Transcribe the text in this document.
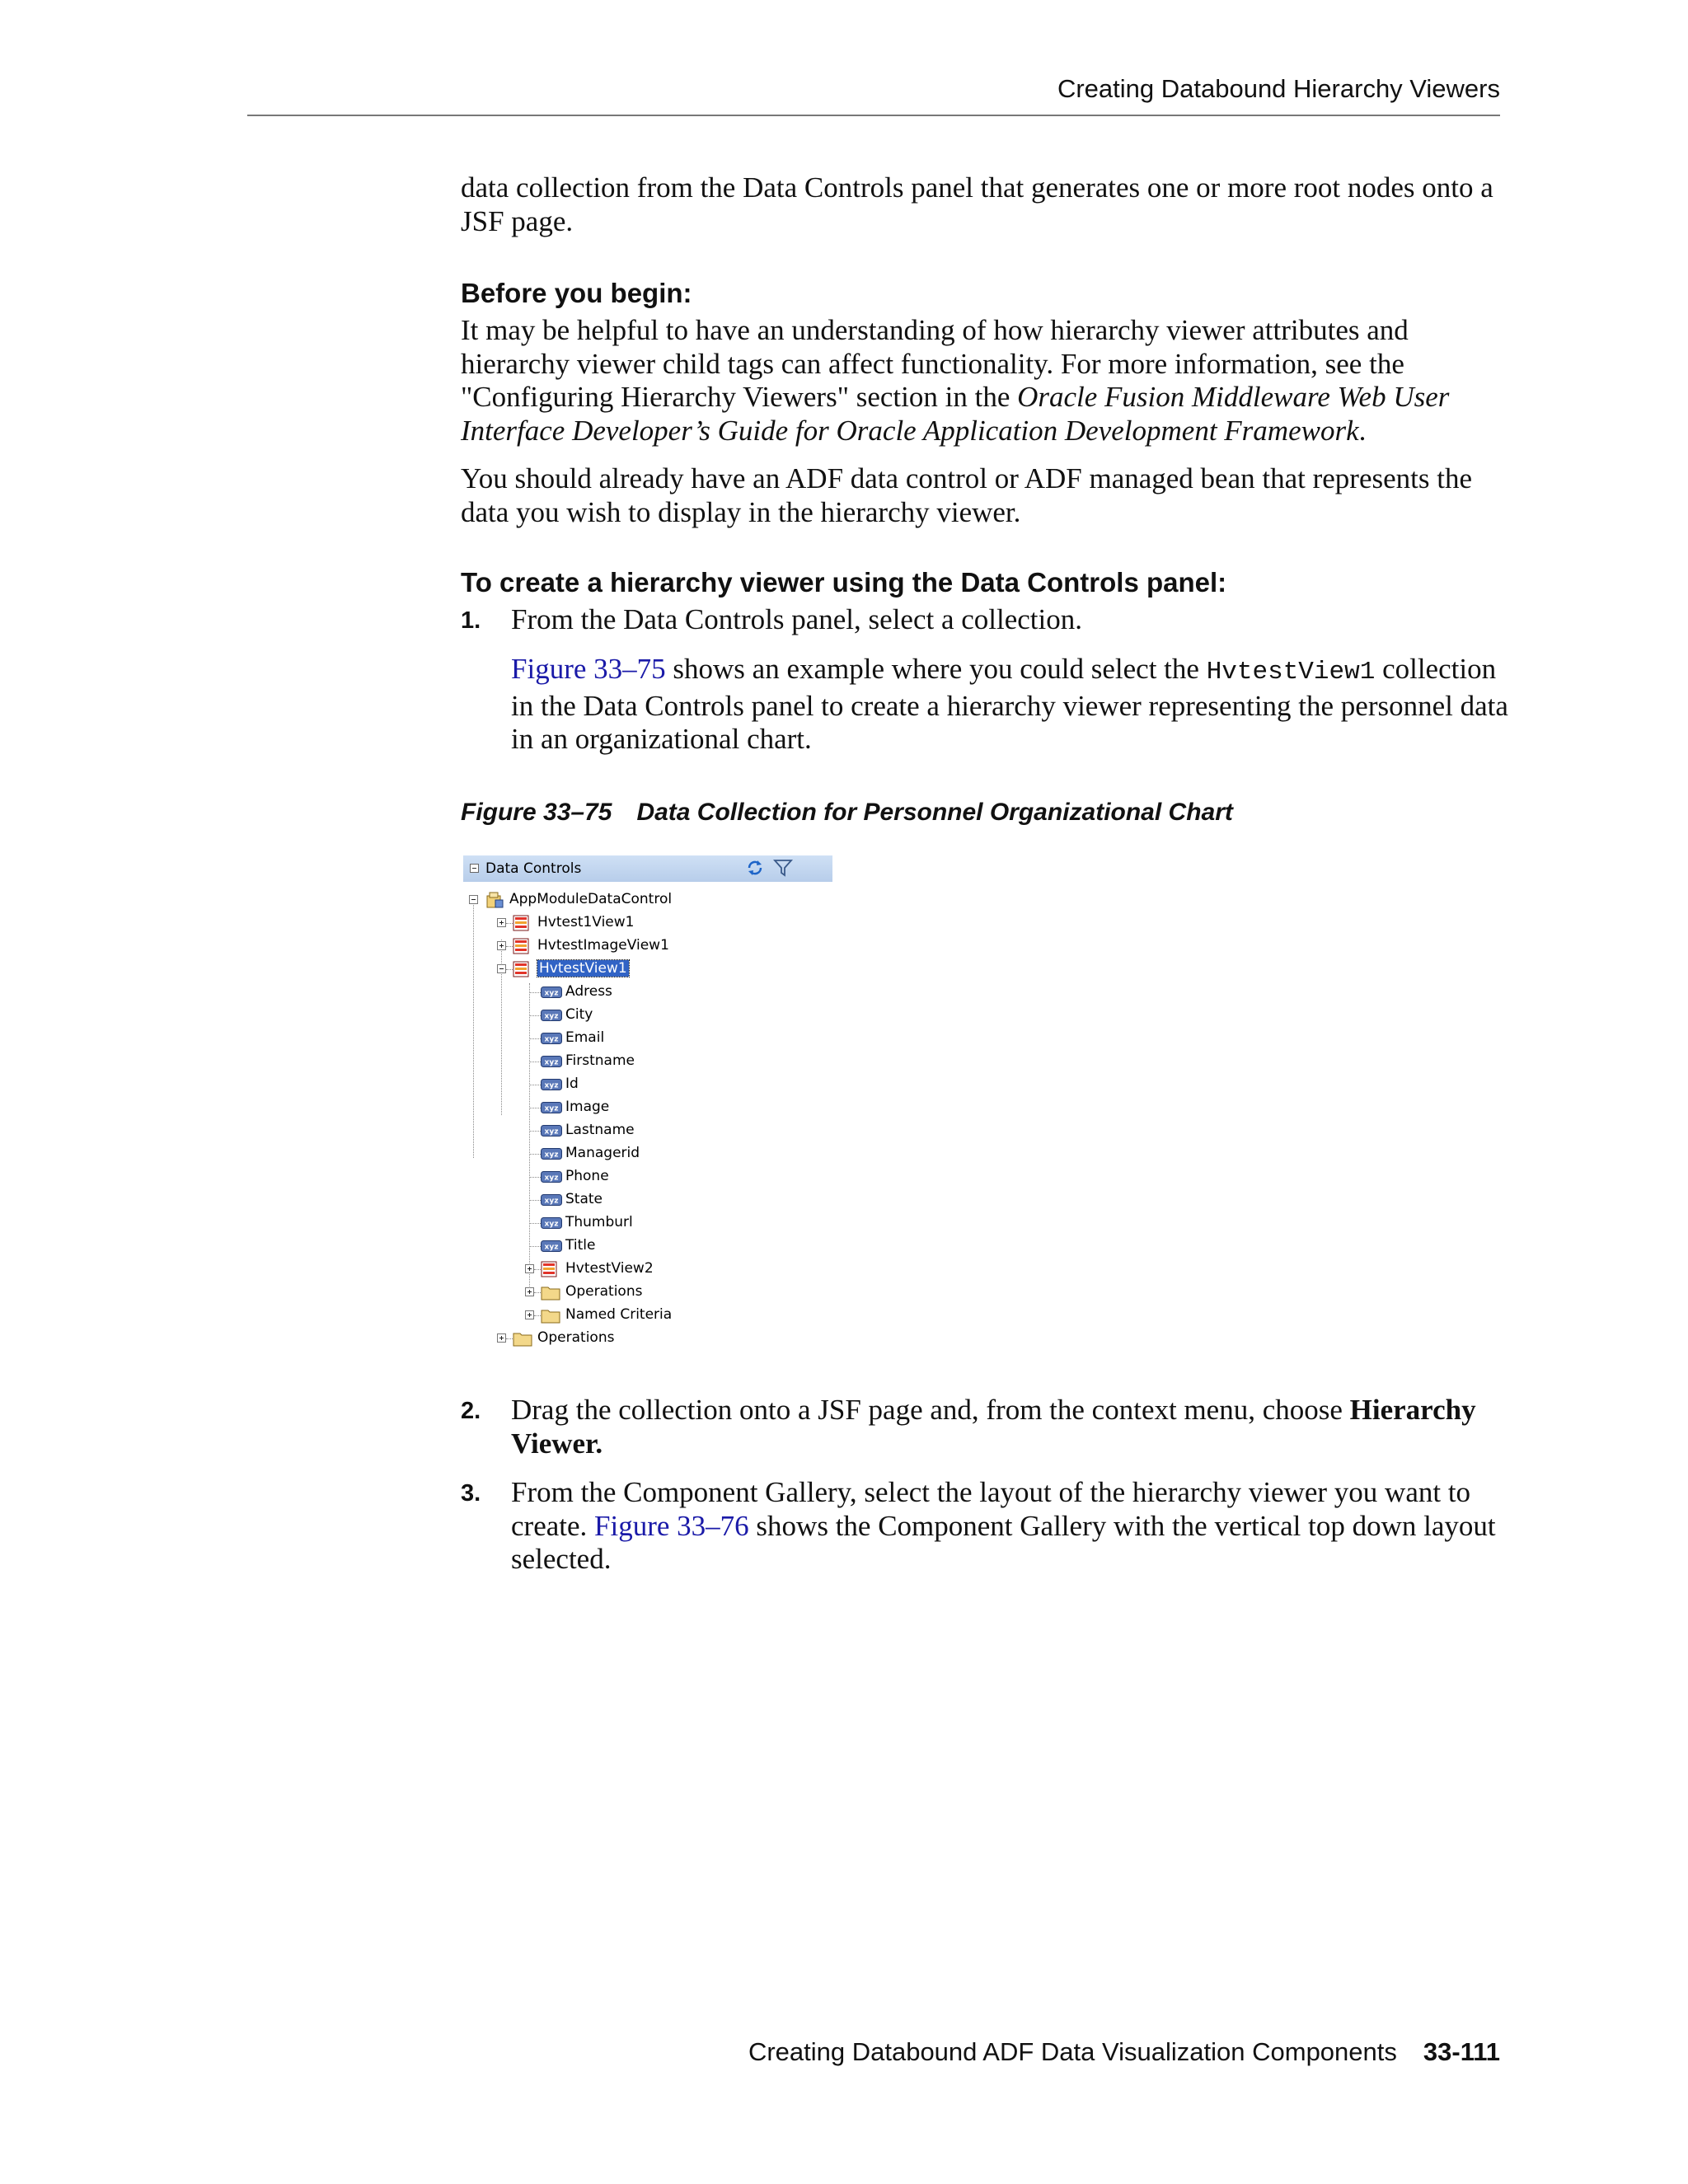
Creating Databound Hierarchy Viewers
data collection from the Data Controls panel that generates one or more root nodes onto a JSF page.
Before you begin:
It may be helpful to have an understanding of how hierarchy viewer attributes and hierarchy viewer child tags can affect functionality. For more information, see the "Configuring Hierarchy Viewers" section in the Oracle Fusion Middleware Web User Interface Developer’s Guide for Oracle Application Development Framework.
You should already have an ADF data control or ADF managed bean that represents the data you wish to display in the hierarchy viewer.
To create a hierarchy viewer using the Data Controls panel:
1. From the Data Controls panel, select a collection.
Figure 33–75 shows an example where you could select the HvtestView1 collection in the Data Controls panel to create a hierarchy viewer representing the personnel data in an organizational chart.
Figure 33–75 Data Collection for Personnel Organizational Chart
Data Controls
AppModuleDataControl
Hvtest1View1
HvtestImageView1
HvtestView1
xyz Adress
xyz City
xyz Email
xyz Firstname
xyz Id
xyz Image
xyz Lastname
xyz Managerid
xyz Phone
xyz State
xyz Thumburl
xyz Title
HvtestView2
Operations
Named Criteria
Operations
2. Drag the collection onto a JSF page and, from the context menu, choose Hierarchy Viewer.
3. From the Component Gallery, select the layout of the hierarchy viewer you want to create. Figure 33–76 shows the Component Gallery with the vertical top down layout selected.
Creating Databound ADF Data Visualization Components 33-111
